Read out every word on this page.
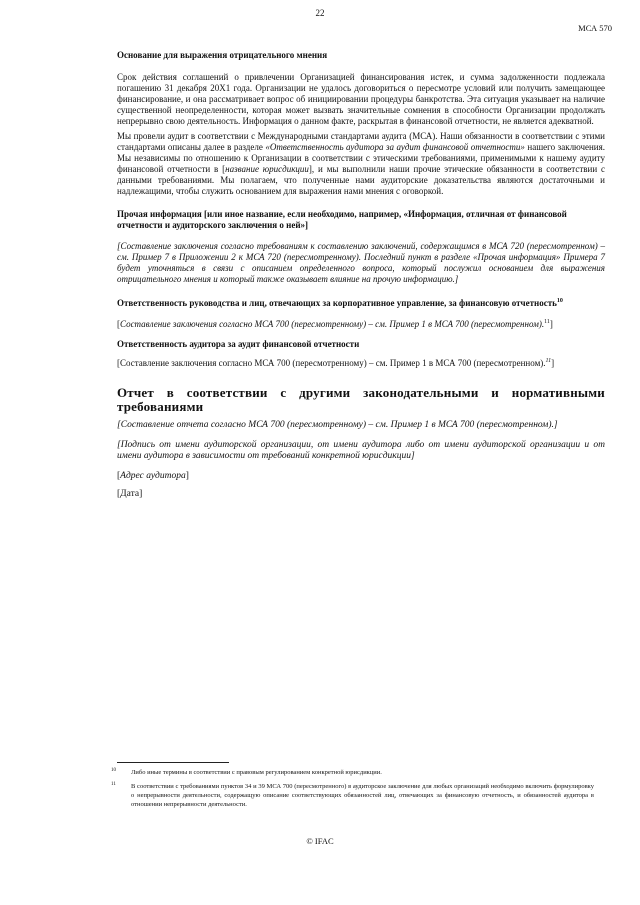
22
МСА 570

Основание для выражения отрицательного мнения

Срок действия соглашений о привлечении Организацией финансирования истек, и сумма задолженности подлежала погашению 31 декабря 20Х1 года. Организации не удалось договориться о пересмотре условий или получить замещающее финансирование, и она рассматривает вопрос об инициировании процедуры банкротства. Эта ситуация указывает на наличие существенной неопределенности, которая может вызвать значительные сомнения в способности Организации продолжать непрерывно свою деятельность. Информация о данном факте, раскрытая в финансовой отчетности, не является адекватной.

Мы провели аудит в соответствии с Международными стандартами аудита (МСА). Наши обязанности в соответствии с этими стандартами описаны далее в разделе «Ответственность аудитора за аудит финансовой отчетности» нашего заключения. Мы независимы по отношению к Организации в соответствии с этическими требованиями, применимыми к нашему аудиту финансовой отчетности в [название юрисдикции], и мы выполнили наши прочие этические обязанности в соответствии с данными требованиями. Мы полагаем, что полученные нами аудиторские доказательства являются достаточными и надлежащими, чтобы служить основанием для выражения нами мнения с оговоркой.

Прочая информация [или иное название, если необходимо, например, «Информация, отличная от финансовой отчетности и аудиторского заключения о ней»]

[Составление заключения согласно требованиям к составлению заключений, содержащимся в МСА 720 (пересмотренном) – см. Пример 7 в Приложении 2 к МСА 720 (пересмотренному). Последний пункт в разделе «Прочая информация» Примера 7 будет уточняться в связи с описанием определенного вопроса, который послужил основанием для выражения отрицательного мнения и который также оказывает влияние на прочую информацию.]

Ответственность руководства и лиц, отвечающих за корпоративное управление, за финансовую отчетность$^{10}$

[Составление заключения согласно МСА 700 (пересмотренному) – см. Пример 1 в МСА 700 (пересмотренном).$^{11}$]

Ответственность аудитора за аудит финансовой отчетности

[Составление заключения согласно МСА 700 (пересмотренному) – см. Пример 1 в МСА 700 (пересмотренном).$^{11}$]

Отчет в соответствии с другими законодательными и нормативными требованиями

[Составление отчета согласно МСА 700 (пересмотренному) – см. Пример 1 в МСА 700 (пересмотренном).]

[Подпись от имени аудиторской организации, от имени аудитора либо от имени аудиторской организации и от имени аудитора в зависимости от требований конкретной юрисдикции]

[Адрес аудитора]

[Дата]

10 Либо иные термины в соответствии с правовым регулированием конкретной юрисдикции.

11 В соответствии с требованиями пунктов 34 и 39 МСА 700 (пересмотренного) в аудиторское заключение для любых организаций необходимо включить формулировку о непрерывности деятельности, содержащую описание соответствующих обязанностей лиц, отвечающих за финансовую отчетность, и обязанностей аудитора в отношении непрерывности деятельности.

© IFAC
